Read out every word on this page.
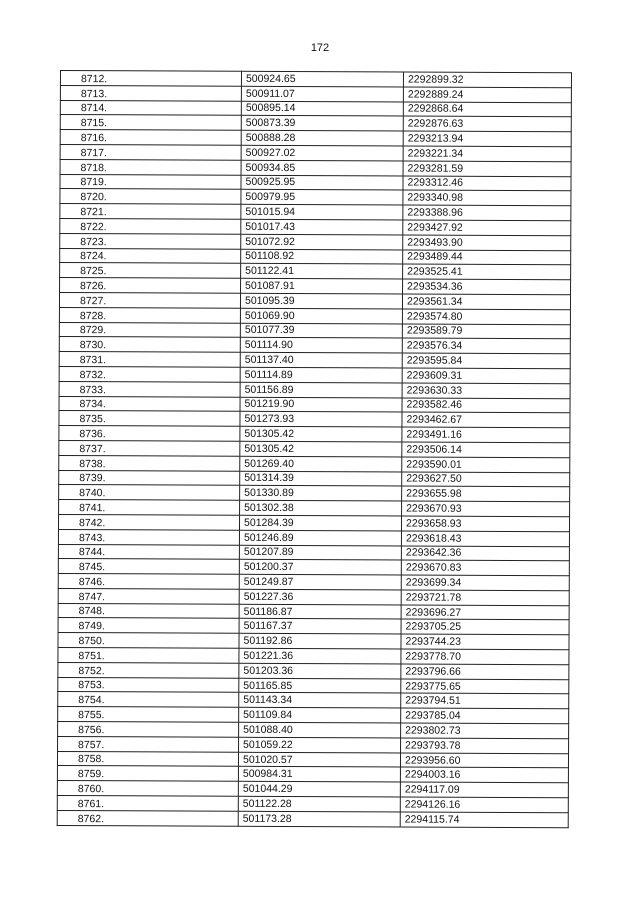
172
8712.	500924.65	2292899.32
8713.	500911.07	2292889.24
8714.	500895.14	2292868.64
8715.	500873.39	2292876.63
8716.	500888.28	2293213.94
8717.	500927.02	2293221.34
8718.	500934.85	2293281.59
8719.	500925.95	2293312.46
8720.	500979.95	2293340.98
8721.	501015.94	2293388.96
8722.	501017.43	2293427.92
8723.	501072.92	2293493.90
8724.	501108.92	2293489.44
8725.	501122.41	2293525.41
8726.	501087.91	2293534.36
8727.	501095.39	2293561.34
8728.	501069.90	2293574.80
8729.	501077.39	2293589.79
8730.	501114.90	2293576.34
8731.	501137.40	2293595.84
8732.	501114.89	2293609.31
8733.	501156.89	2293630.33
8734.	501219.90	2293582.46
8735.	501273.93	2293462.67
8736.	501305.42	2293491.16
8737.	501305.42	2293506.14
8738.	501269.40	2293590.01
8739.	501314.39	2293627.50
8740.	501330.89	2293655.98
8741.	501302.38	2293670.93
8742.	501284.39	2293658.93
8743.	501246.89	2293618.43
8744.	501207.89	2293642.36
8745.	501200.37	2293670.83
8746.	501249.87	2293699.34
8747.	501227.36	2293721.78
8748.	501186.87	2293696.27
8749.	501167.37	2293705.25
8750.	501192.86	2293744.23
8751.	501221.36	2293778.70
8752.	501203.36	2293796.66
8753.	501165.85	2293775.65
8754.	501143.34	2293794.51
8755.	501109.84	2293785.04
8756.	501088.40	2293802.73
8757.	501059.22	2293793.78
8758.	501020.57	2293956.60
8759.	500984.31	2294003.16
8760.	501044.29	2294117.09
8761.	501122.28	2294126.16
8762.	501173.28	2294115.74
